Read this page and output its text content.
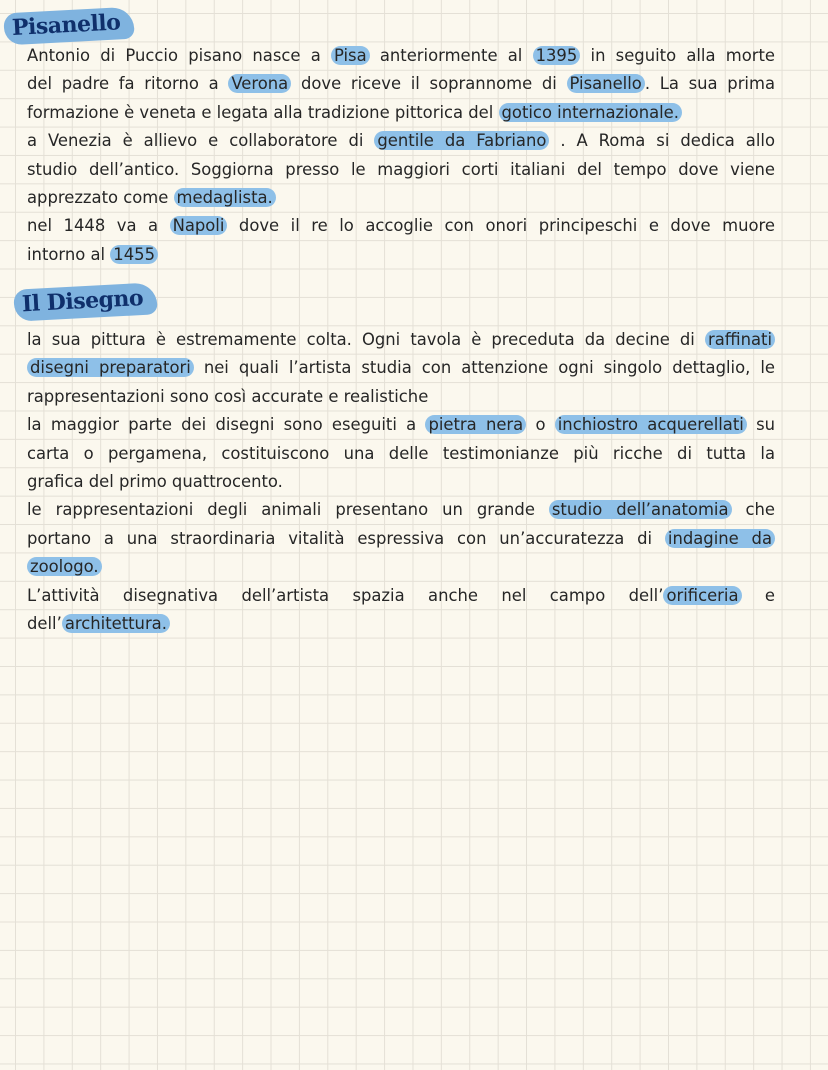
Pisanello
Antonio di Puccio pisano nasce a Pisa anteriormente al 1395 in seguito alla morte
del padre fa ritorno a Verona dove riceve il soprannome di Pisanello . La sua prima
formazione è veneta e legata alla tradizione pittorica del gotico internazionale.
a Venezia è allievo e collaboratore di gentile da Fabriano . A Roma si dedica allo
studio dell’antico. Soggiorna presso le maggiori corti italiani del tempo dove viene
apprezzato come medaglista.
nel 1448 va a Napoli dove il re lo accoglie con onori principeschi e dove muore
intorno al 1455
Il Disegno
la sua pittura è estremamente colta. Ogni tavola è preceduta da decine di raffinati
disegni preparatori nei quali l’artista studia con attenzione ogni singolo dettaglio, le
rappresentazioni sono così accurate e realistiche
la maggior parte dei disegni sono eseguiti a pietra nera o inchiostro acquerellati su
carta o pergamena, costituiscono una delle testimonianze più ricche di tutta la
grafica del primo quattrocento.
le rappresentazioni degli animali presentano un grande studio dell’anatomia che
portano a una straordinaria vitalità espressiva con un’accuratezza di indagine da
zoologo.
L’attività disegnativa dell’artista spazia anche nel campo dell’ orificeria e
dell’ architettura.
